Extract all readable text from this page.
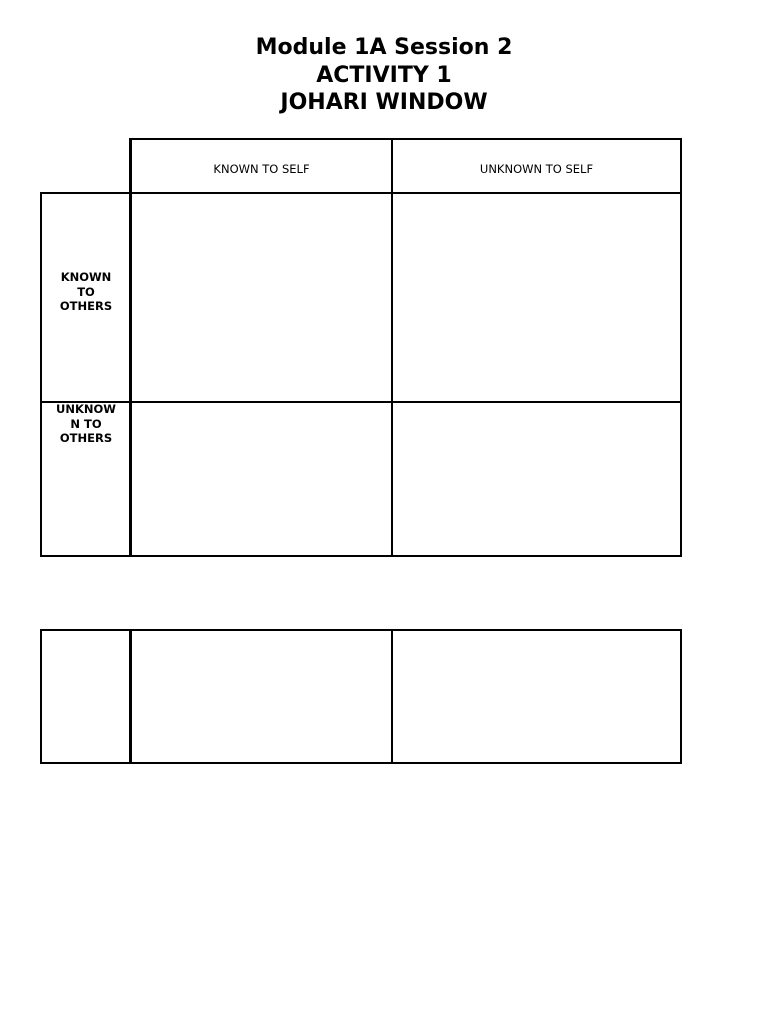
Module 1A Session 2
ACTIVITY 1
JOHARI WINDOW
KNOWN TO SELF	UNKNOWN TO SELF
KNOWN
TO
OTHERS
UNKNOW
N TO
OTHERS
